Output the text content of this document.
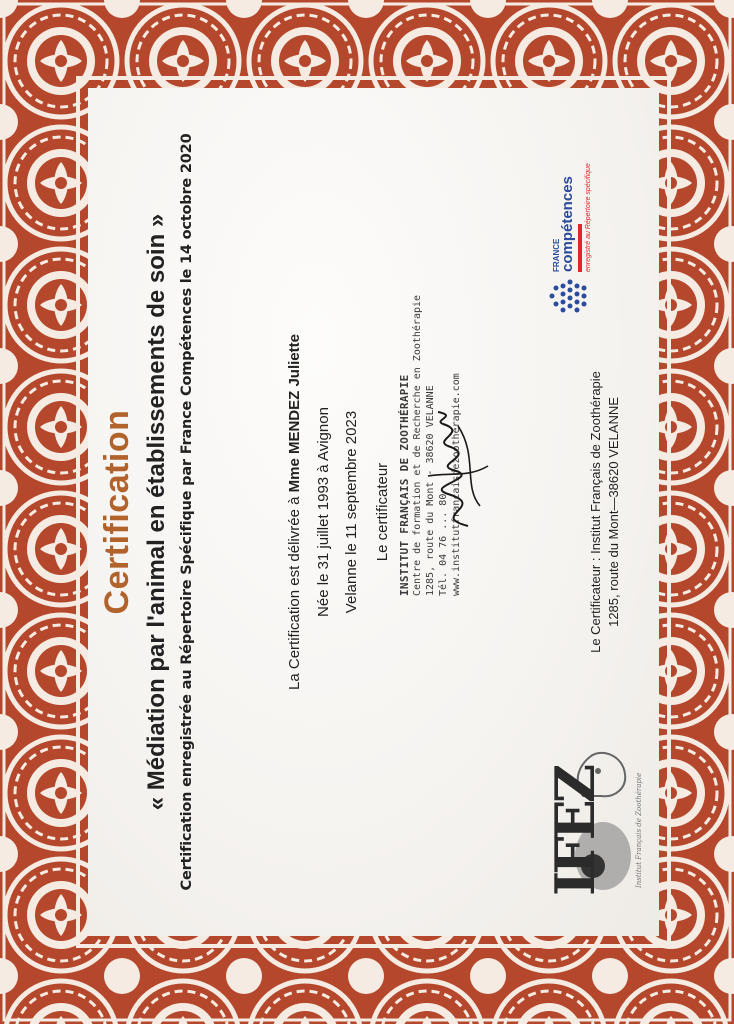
Certification « Médiation par l'animal en établissements de soin » Certification enregistrée au Répertoire Spécifique par France Compétences le 14 octobre 2020	La Certification est délivrée à Mme MENDEZ Juliette Née le 31 juillet 1993 à Avignon Velanne le 11 septembre 2023 Le certificateur INSTITUT FRANÇAIS DE ZOOTHÉRAPIE Centre de formation et de Recherche en Zoothérapie 1285, route du Mont - 38620 VELANNE Tél. 04 76 ... 80 www.institutfrancaisdezootherapie.com	Le Certificateur : Institut Français de Zoothérapie 1285, route du Mont—38620 VELANNE
IFEZ	Institut Français de Zoothérapie
FRANCE
compétences enregistré au Répertoire spécifique
